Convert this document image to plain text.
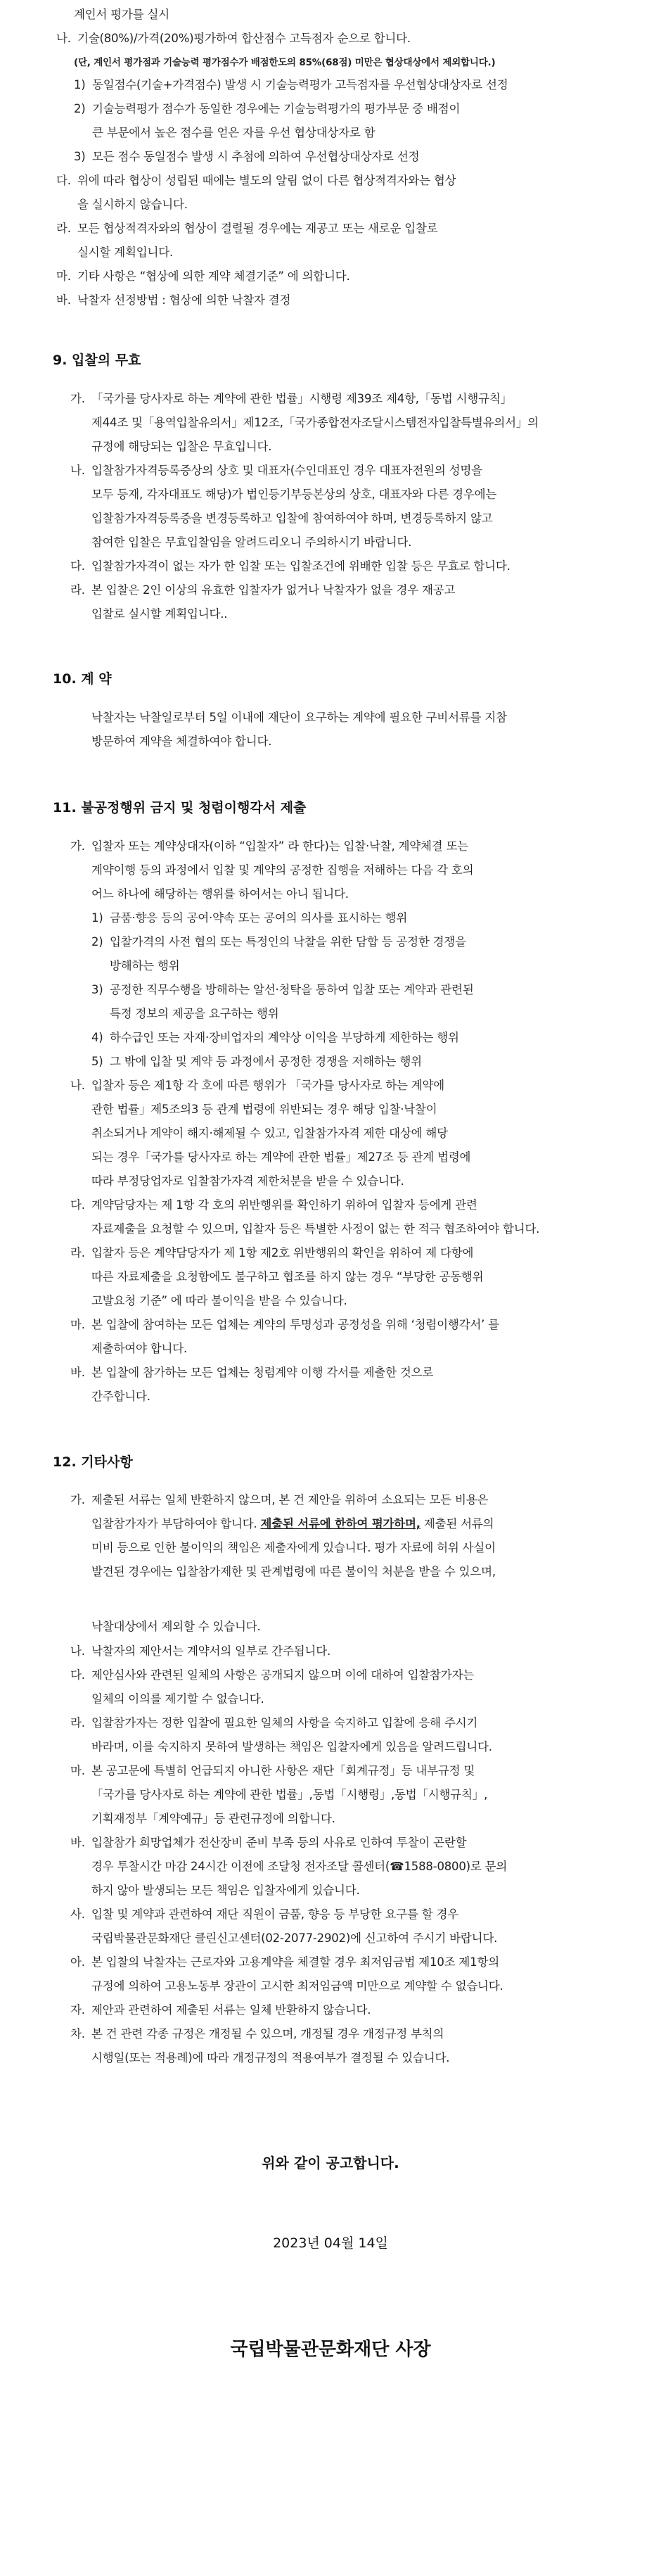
계인서 평가를 실시
나. 기술(80%)/가격(20%)평가하여 합산점수 고득점자 순으로 합니다.
(단, 계인서 평가점과 기술능력 평가점수가 배점한도의 85%(68점) 미만은 협상대상에서 제외합니다.)
1) 동일점수(기술+가격점수) 발생 시 기술능력평가 고득점자를 우선협상대상자로 선정
2) 기술능력평가 점수가 동일한 경우에는 기술능력평가의 평가부문 중 배점이
큰 부문에서 높은 점수를 얻은 자를 우선 협상대상자로 함
3) 모든 점수 동일점수 발생 시 추첨에 의하여 우선협상대상자로 선정
다. 위에 따라 협상이 성립된 때에는 별도의 알림 없이 다른 협상적격자와는 협상
을 실시하지 않습니다.
라. 모든 협상적격자와의 협상이 결렬될 경우에는 재공고 또는 새로운 입찰로
실시할 계획입니다.
마. 기타 사항은 “협상에 의한 계약 체결기준” 에 의합니다.
바. 낙찰자 선정방법 : 협상에 의한 낙찰자 결정
9. 입찰의 무효
가. 「국가를 당사자로 하는 계약에 관한 법률」시행령 제39조 제4항,「동법 시행규칙」
제44조 및「용역입찰유의서」제12조,「국가종합전자조달시스템전자입찰특별유의서」의
규정에 해당되는 입찰은 무효입니다.
나. 입찰참가자격등록증상의 상호 및 대표자(수인대표인 경우 대표자전원의 성명을
모두 등재, 각자대표도 해당)가 법인등기부등본상의 상호, 대표자와 다른 경우에는
입찰참가자격등록증을 변경등록하고 입찰에 참여하여야 하며, 변경등록하지 않고
참여한 입찰은 무효입찰임을 알려드리오니 주의하시기 바랍니다.
다. 입찰참가자격이 없는 자가 한 입찰 또는 입찰조건에 위배한 입찰 등은 무효로 합니다.
라. 본 입찰은 2인 이상의 유효한 입찰자가 없거나 낙찰자가 없을 경우 재공고
입찰로 실시할 계획입니다..
10. 계 약
낙찰자는 낙찰일로부터 5일 이내에 재단이 요구하는 계약에 필요한 구비서류를 지참
방문하여 계약을 체결하여야 합니다.
11. 불공정행위 금지 및 청렴이행각서 제출
가. 입찰자 또는 계약상대자(이하 “입찰자” 라 한다)는 입찰‧낙찰, 계약체결 또는
계약이행 등의 과정에서 입찰 및 계약의 공정한 집행을 저해하는 다음 각 호의
어느 하나에 해당하는 행위를 하여서는 아니 됩니다.
1) 금품‧향응 등의 공여‧약속 또는 공여의 의사를 표시하는 행위
2) 입찰가격의 사전 협의 또는 특정인의 낙찰을 위한 담합 등 공정한 경쟁을
방해하는 행위
3) 공정한 직무수행을 방해하는 알선‧청탁을 통하여 입찰 또는 계약과 관련된
특정 정보의 제공을 요구하는 행위
4) 하수급인 또는 자재‧장비업자의 계약상 이익을 부당하게 제한하는 행위
5) 그 밖에 입찰 및 계약 등 과정에서 공정한 경쟁을 저해하는 행위
나. 입찰자 등은 제1항 각 호에 따른 행위가 「국가를 당사자로 하는 계약에
관한 법률」제5조의3 등 관계 법령에 위반되는 경우 해당 입찰‧낙찰이
취소되거나 계약이 해지‧해제될 수 있고, 입찰참가자격 제한 대상에 해당
되는 경우「국가를 당사자로 하는 계약에 관한 법률」제27조 등 관계 법령에
따라 부정당업자로 입찰참가자격 제한처분을 받을 수 있습니다.
다. 계약담당자는 제 1항 각 호의 위반행위를 확인하기 위하여 입찰자 등에게 관련
자료제출을 요청할 수 있으며, 입찰자 등은 특별한 사정이 없는 한 적극 협조하여야 합니다.
라. 입찰자 등은 계약담당자가 제 1항 제2호 위반행위의 확인을 위하여 제 다항에
따른 자료제출을 요청함에도 불구하고 협조를 하지 않는 경우 “부당한 공동행위
고발요청 기준” 에 따라 불이익을 받을 수 있습니다.
마. 본 입찰에 참여하는 모든 업체는 계약의 투명성과 공정성을 위해 ‘청렴이행각서’ 를
제출하여야 합니다.
바. 본 입찰에 참가하는 모든 업체는 청렴계약 이행 각서를 제출한 것으로
간주합니다.
12. 기타사항
가. 제출된 서류는 일체 반환하지 않으며, 본 건 제안을 위하여 소요되는 모든 비용은
입찰참가자가 부담하여야 합니다. 제출된 서류에 한하여 평가하며, 제출된 서류의
미비 등으로 인한 불이익의 책임은 제출자에게 있습니다. 평가 자료에 허위 사실이
발견된 경우에는 입찰참가제한 및 관계법령에 따른 불이익 처분을 받을 수 있으며,
낙찰대상에서 제외할 수 있습니다.
나. 낙찰자의 제안서는 계약서의 일부로 간주됩니다.
다. 제안심사와 관련된 일체의 사항은 공개되지 않으며 이에 대하여 입찰참가자는
일체의 이의를 제기할 수 없습니다.
라. 입찰참가자는 정한 입찰에 필요한 일체의 사항을 숙지하고 입찰에 응해 주시기
바라며, 이를 숙지하지 못하여 발생하는 책임은 입찰자에게 있음을 알려드립니다.
마. 본 공고문에 특별히 언급되지 아니한 사항은 재단「회계규정」등 내부규정 및
「국가를 당사자로 하는 계약에 관한 법률」,동법「시행령」,동법「시행규칙」,
기획재정부「계약예규」등 관련규정에 의합니다.
바. 입찰참가 희망업체가 전산장비 준비 부족 등의 사유로 인하여 투찰이 곤란할
경우 투찰시간 마감 24시간 이전에 조달청 전자조달 콜센터(☎1588-0800)로 문의
하지 않아 발생되는 모든 책임은 입찰자에게 있습니다.
사. 입찰 및 계약과 관련하여 재단 직원이 금품, 향응 등 부당한 요구를 할 경우
국립박물관문화재단 클린신고센터(02-2077-2902)에 신고하여 주시기 바랍니다.
아. 본 입찰의 낙찰자는 근로자와 고용계약을 체결할 경우 최저임금법 제10조 제1항의
규정에 의하여 고용노동부 장관이 고시한 최저임금액 미만으로 계약할 수 없습니다.
자. 제안과 관련하여 제출된 서류는 일체 반환하지 않습니다.
차. 본 건 관련 각종 규정은 개정될 수 있으며, 개정될 경우 개정규정 부칙의
시행일(또는 적용례)에 따라 개정규정의 적용여부가 결정될 수 있습니다.
위와 같이 공고합니다.
2023년 04월 14일
국립박물관문화재단 사장
